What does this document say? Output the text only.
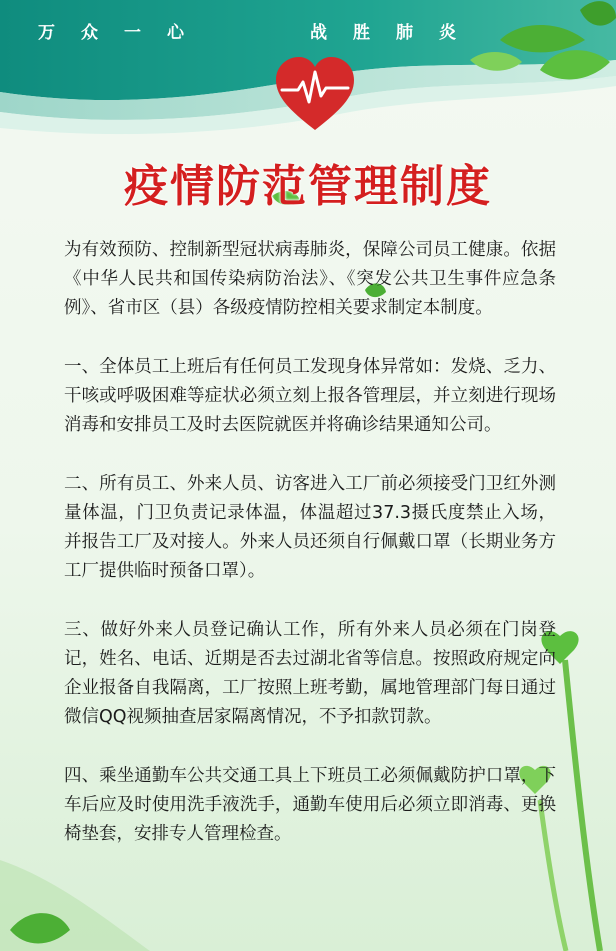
万众一心	战胜肺炎
疫情防范管理制度

为有效预防、控制新型冠状病毒肺炎，保障公司员工健康。依据《中华人民共和国传染病防治法》、《突发公共卫生事件应急条例》、省市区（县）各级疫情防控相关要求制定本制度。

一、全体员工上班后有任何员工发现身体异常如：发烧、乏力、干咳或呼吸困难等症状必须立刻上报各管理层，并立刻进行现场消毒和安排员工及时去医院就医并将确诊结果通知公司。

二、所有员工、外来人员、访客进入工厂前必须接受门卫红外测量体温，门卫负责记录体温，体温超过37.3摄氏度禁止入场，并报告工厂及对接人。外来人员还须自行佩戴口罩（长期业务方工厂提供临时预备口罩）。

三、做好外来人员登记确认工作，所有外来人员必须在门岗登记，姓名、电话、近期是否去过湖北省等信息。按照政府规定向企业报备自我隔离，工厂按照上班考勤，属地管理部门每日通过微信QQ视频抽查居家隔离情况，不予扣款罚款。

四、乘坐通勤车公共交通工具上下班员工必须佩戴防护口罩，下车后应及时使用洗手液洗手，通勤车使用后必须立即消毒、更换椅垫套，安排专人管理检查。
